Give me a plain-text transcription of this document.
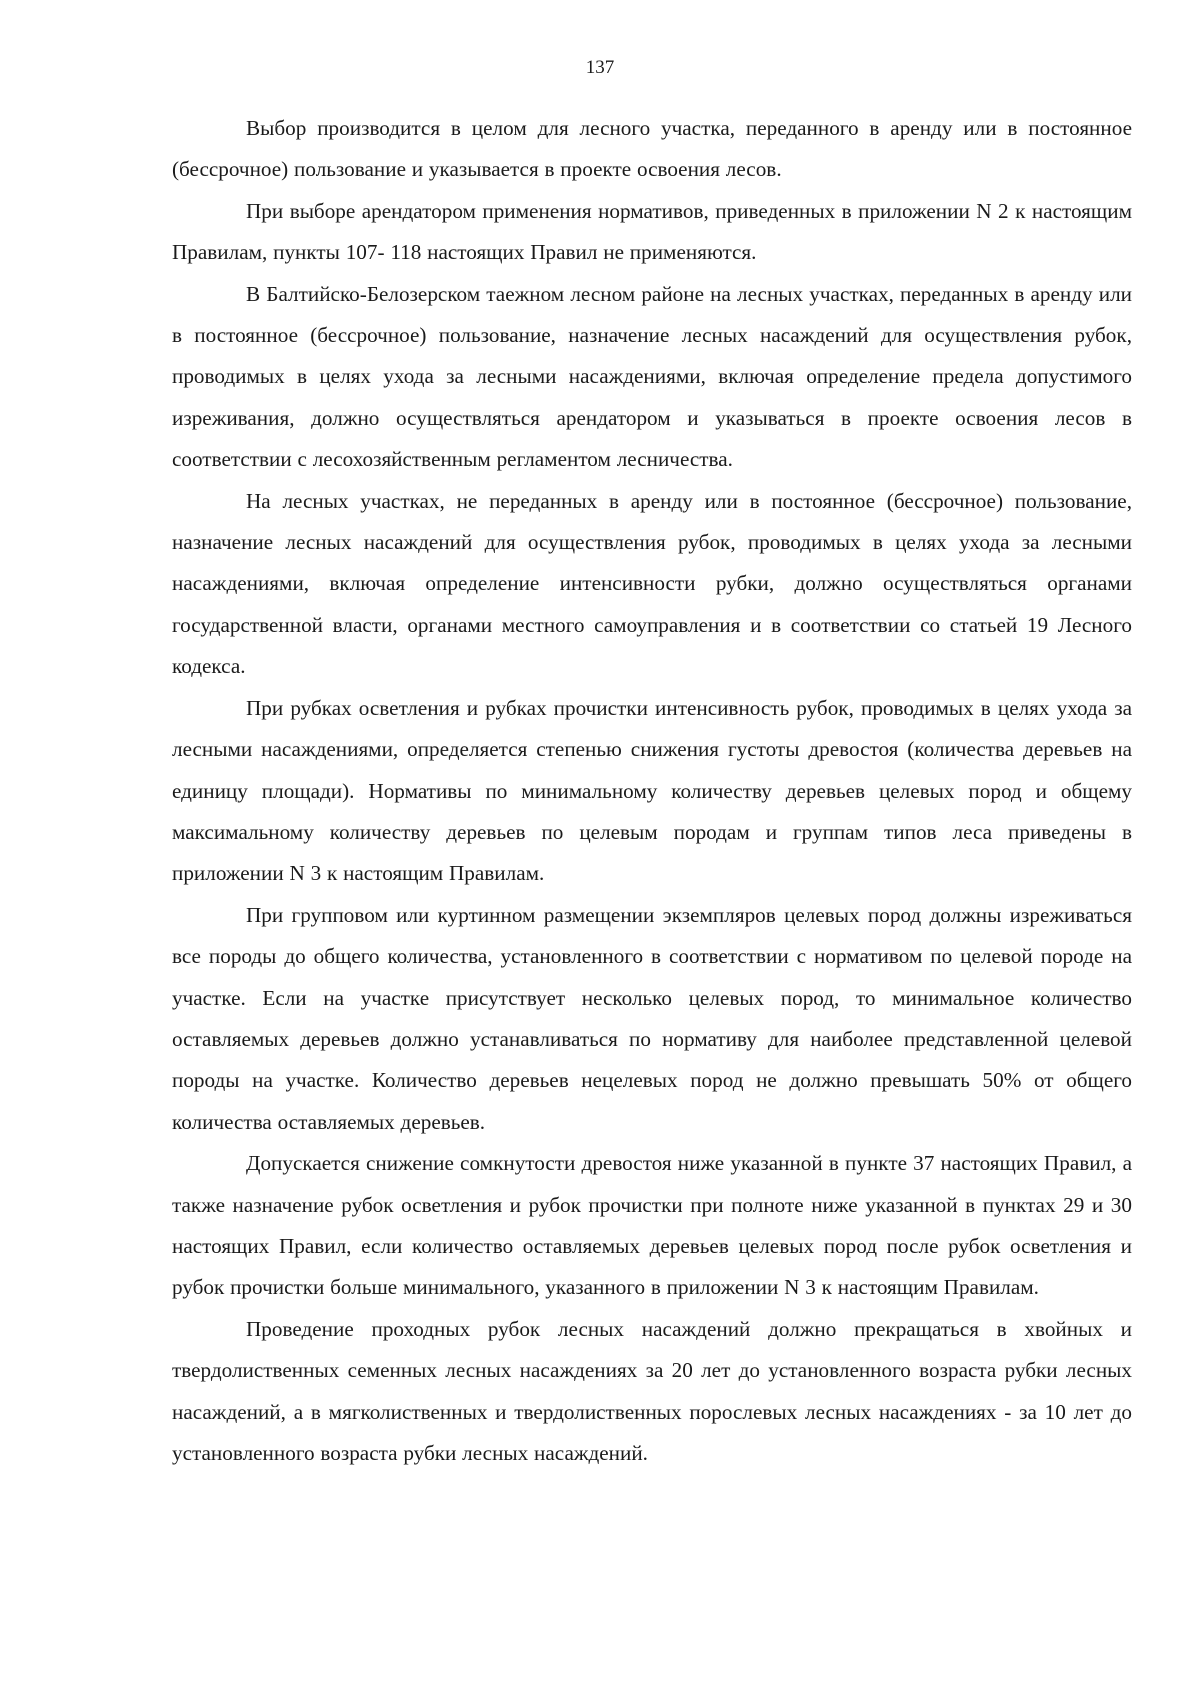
137

Выбор производится в целом для лесного участка, переданного в аренду или в постоянное (бессрочное) пользование и указывается в проекте освоения лесов.

При выборе арендатором применения нормативов, приведенных в приложении N 2 к настоящим Правилам, пункты 107- 118 настоящих Правил не применяются.

В Балтийско-Белозерском таежном лесном районе на лесных участках, переданных в аренду или в постоянное (бессрочное) пользование, назначение лесных насаждений для осуществления рубок, проводимых в целях ухода за лесными насаждениями, включая определение предела допустимого изреживания, должно осуществляться арендатором и указываться в проекте освоения лесов в соответствии с лесохозяйственным регламентом лесничества.

На лесных участках, не переданных в аренду или в постоянное (бессрочное) пользование, назначение лесных насаждений для осуществления рубок, проводимых в целях ухода за лесными насаждениями, включая определение интенсивности рубки, должно осуществляться органами государственной власти, органами местного самоуправления и в соответствии со статьей 19 Лесного кодекса.

При рубках осветления и рубках прочистки интенсивность рубок, проводимых в целях ухода за лесными насаждениями, определяется степенью снижения густоты древостоя (количества деревьев на единицу площади). Нормативы по минимальному количеству деревьев целевых пород и общему максимальному количеству деревьев по целевым породам и группам типов леса приведены в приложении N 3 к настоящим Правилам.

При групповом или куртинном размещении экземпляров целевых пород должны изреживаться все породы до общего количества, установленного в соответствии с нормативом по целевой породе на участке. Если на участке присутствует несколько целевых пород, то минимальное количество оставляемых деревьев должно устанавливаться по нормативу для наиболее представленной целевой породы на участке. Количество деревьев нецелевых пород не должно превышать 50% от общего количества оставляемых деревьев.

Допускается снижение сомкнутости древостоя ниже указанной в пункте 37 настоящих Правил, а также назначение рубок осветления и рубок прочистки при полноте ниже указанной в пунктах 29 и 30 настоящих Правил, если количество оставляемых деревьев целевых пород после рубок осветления и рубок прочистки больше минимального, указанного в приложении N 3 к настоящим Правилам.

Проведение проходных рубок лесных насаждений должно прекращаться в хвойных и твердолиственных семенных лесных насаждениях за 20 лет до установленного возраста рубки лесных насаждений, а в мягколиственных и твердолиственных порослевых лесных насаждениях - за 10 лет до установленного возраста рубки лесных насаждений.
